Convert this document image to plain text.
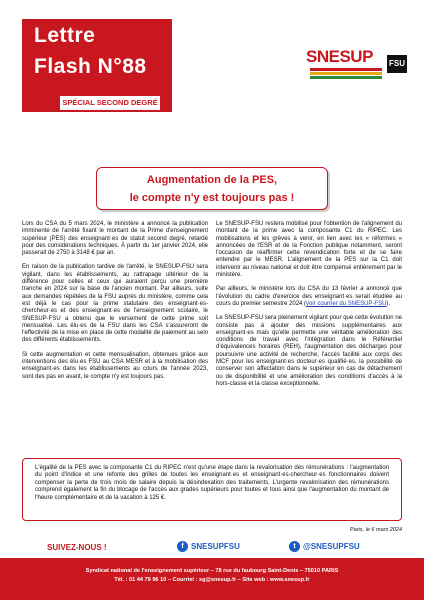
Lettre
Flash N°88
SPÉCIAL SECOND DEGRÉ
SNESUP FSU
Augmentation de la PES,
le compte n'y est toujours pas !

Lors du CSA du 5 mars 2024, le ministère a annoncé la publication imminente de l'arrêté fixant le montant de la Prime d'enseignement supérieur (PES) des enseignant·es de statut second degré, retardé pour des considérations techniques. À partir du 1er janvier 2024, elle passerait de 2750 à 3148 € par an.

En raison de la publication tardive de l'arrêté, le SNESUP-FSU sera vigilant, dans les établissements, au rattrapage ultérieur de la différence pour celles et ceux qui auraient perçu une première tranche en 2024 sur la base de l'ancien montant. Par ailleurs, suite aux demandes répétées de la FSU auprès du ministère, comme cela est déjà le cas pour la prime statutaire des enseignant·es-chercheur·es et des enseignant·es de l'enseignement scolaire, le SNESUP-FSU a obtenu que le versement de cette prime soit mensualisé. Les élu·es de la FSU dans les CSA s'assureront de l'effectivité de la mise en place de cette modalité de paiement au sein des différents établissements.

Si cette augmentation et cette mensualisation, obtenues grâce aux interventions des élu·es FSU au CSA MESR et à la mobilisation des enseignant·es dans les établissements au cours de l'année 2023, sont des pas en avant, le compte n'y est toujours pas.

Le SNESUP-FSU restera mobilisé pour l'obtention de l'alignement du montant de la prime avec la composante C1 du RIPEC. Les mobilisations et les grèves à venir, en lien avec les « réformes » annoncées de l'ESR et de la Fonction publique notamment, seront l'occasion de réaffirmer cette revendication forte et de se faire entendre par le MESR. L'alignement de la PES sur la C1 doit intervenir au niveau national et doit être compensé entièrement par le ministère.

Par ailleurs, le ministère lors du CSA du 13 février a annoncé que l'évolution du cadre d'exercice des enseignant·es serait étudiée au cours du premier semestre 2024 (voir courrier du SNESUP-FSU).

Le SNESUP-FSU sera pleinement vigilant pour que cette évolution ne consiste pas à ajouter des missions supplémentaires aux enseignant·es mais qu'elle permette une véritable amélioration des conditions de travail avec l'intégration dans le Référentiel d'équivalences horaires (REH), l'augmentation des décharges pour poursuivre une activité de recherche, l'accès facilité aux corps des MCF pour les enseignant·es docteur·es qualifié·es, la possibilité de conserver son affectation dans le supérieur en cas de détachement ou de disponibilité et une amélioration des conditions d'accès à la hors-classe et la classe exceptionnelle.

L'égalité de la PES avec la composante C1 du RIPEC n'est qu'une étape dans la revalorisation des rémunérations : l'augmentation du point d'indice et une refonte des grilles de toutes les enseignant·es et enseignant·es-chercheur·es fonctionnaires doivent compenser la perte de trois mois de salaire depuis la désindexation des traitements. L'urgente revalorisation des rémunérations comprend également la fin du blocage de l'accès aux grades supérieurs pour toutes et tous ainsi que l'augmentation du montant de l'heure complémentaire et de la vacation à 125 €.
Paris, le 6 mars 2024
SUIVEZ-NOUS !	f SNESUPFSU	t @SNESUPFSU
Syndicat national de l'enseignement supérieur – 78 rue du faubourg Saint-Denis – 75010 PARIS
Tél. : 01 44 79 96 10 – Courriel : sg@snesup.fr – Site web : www.snesup.fr
